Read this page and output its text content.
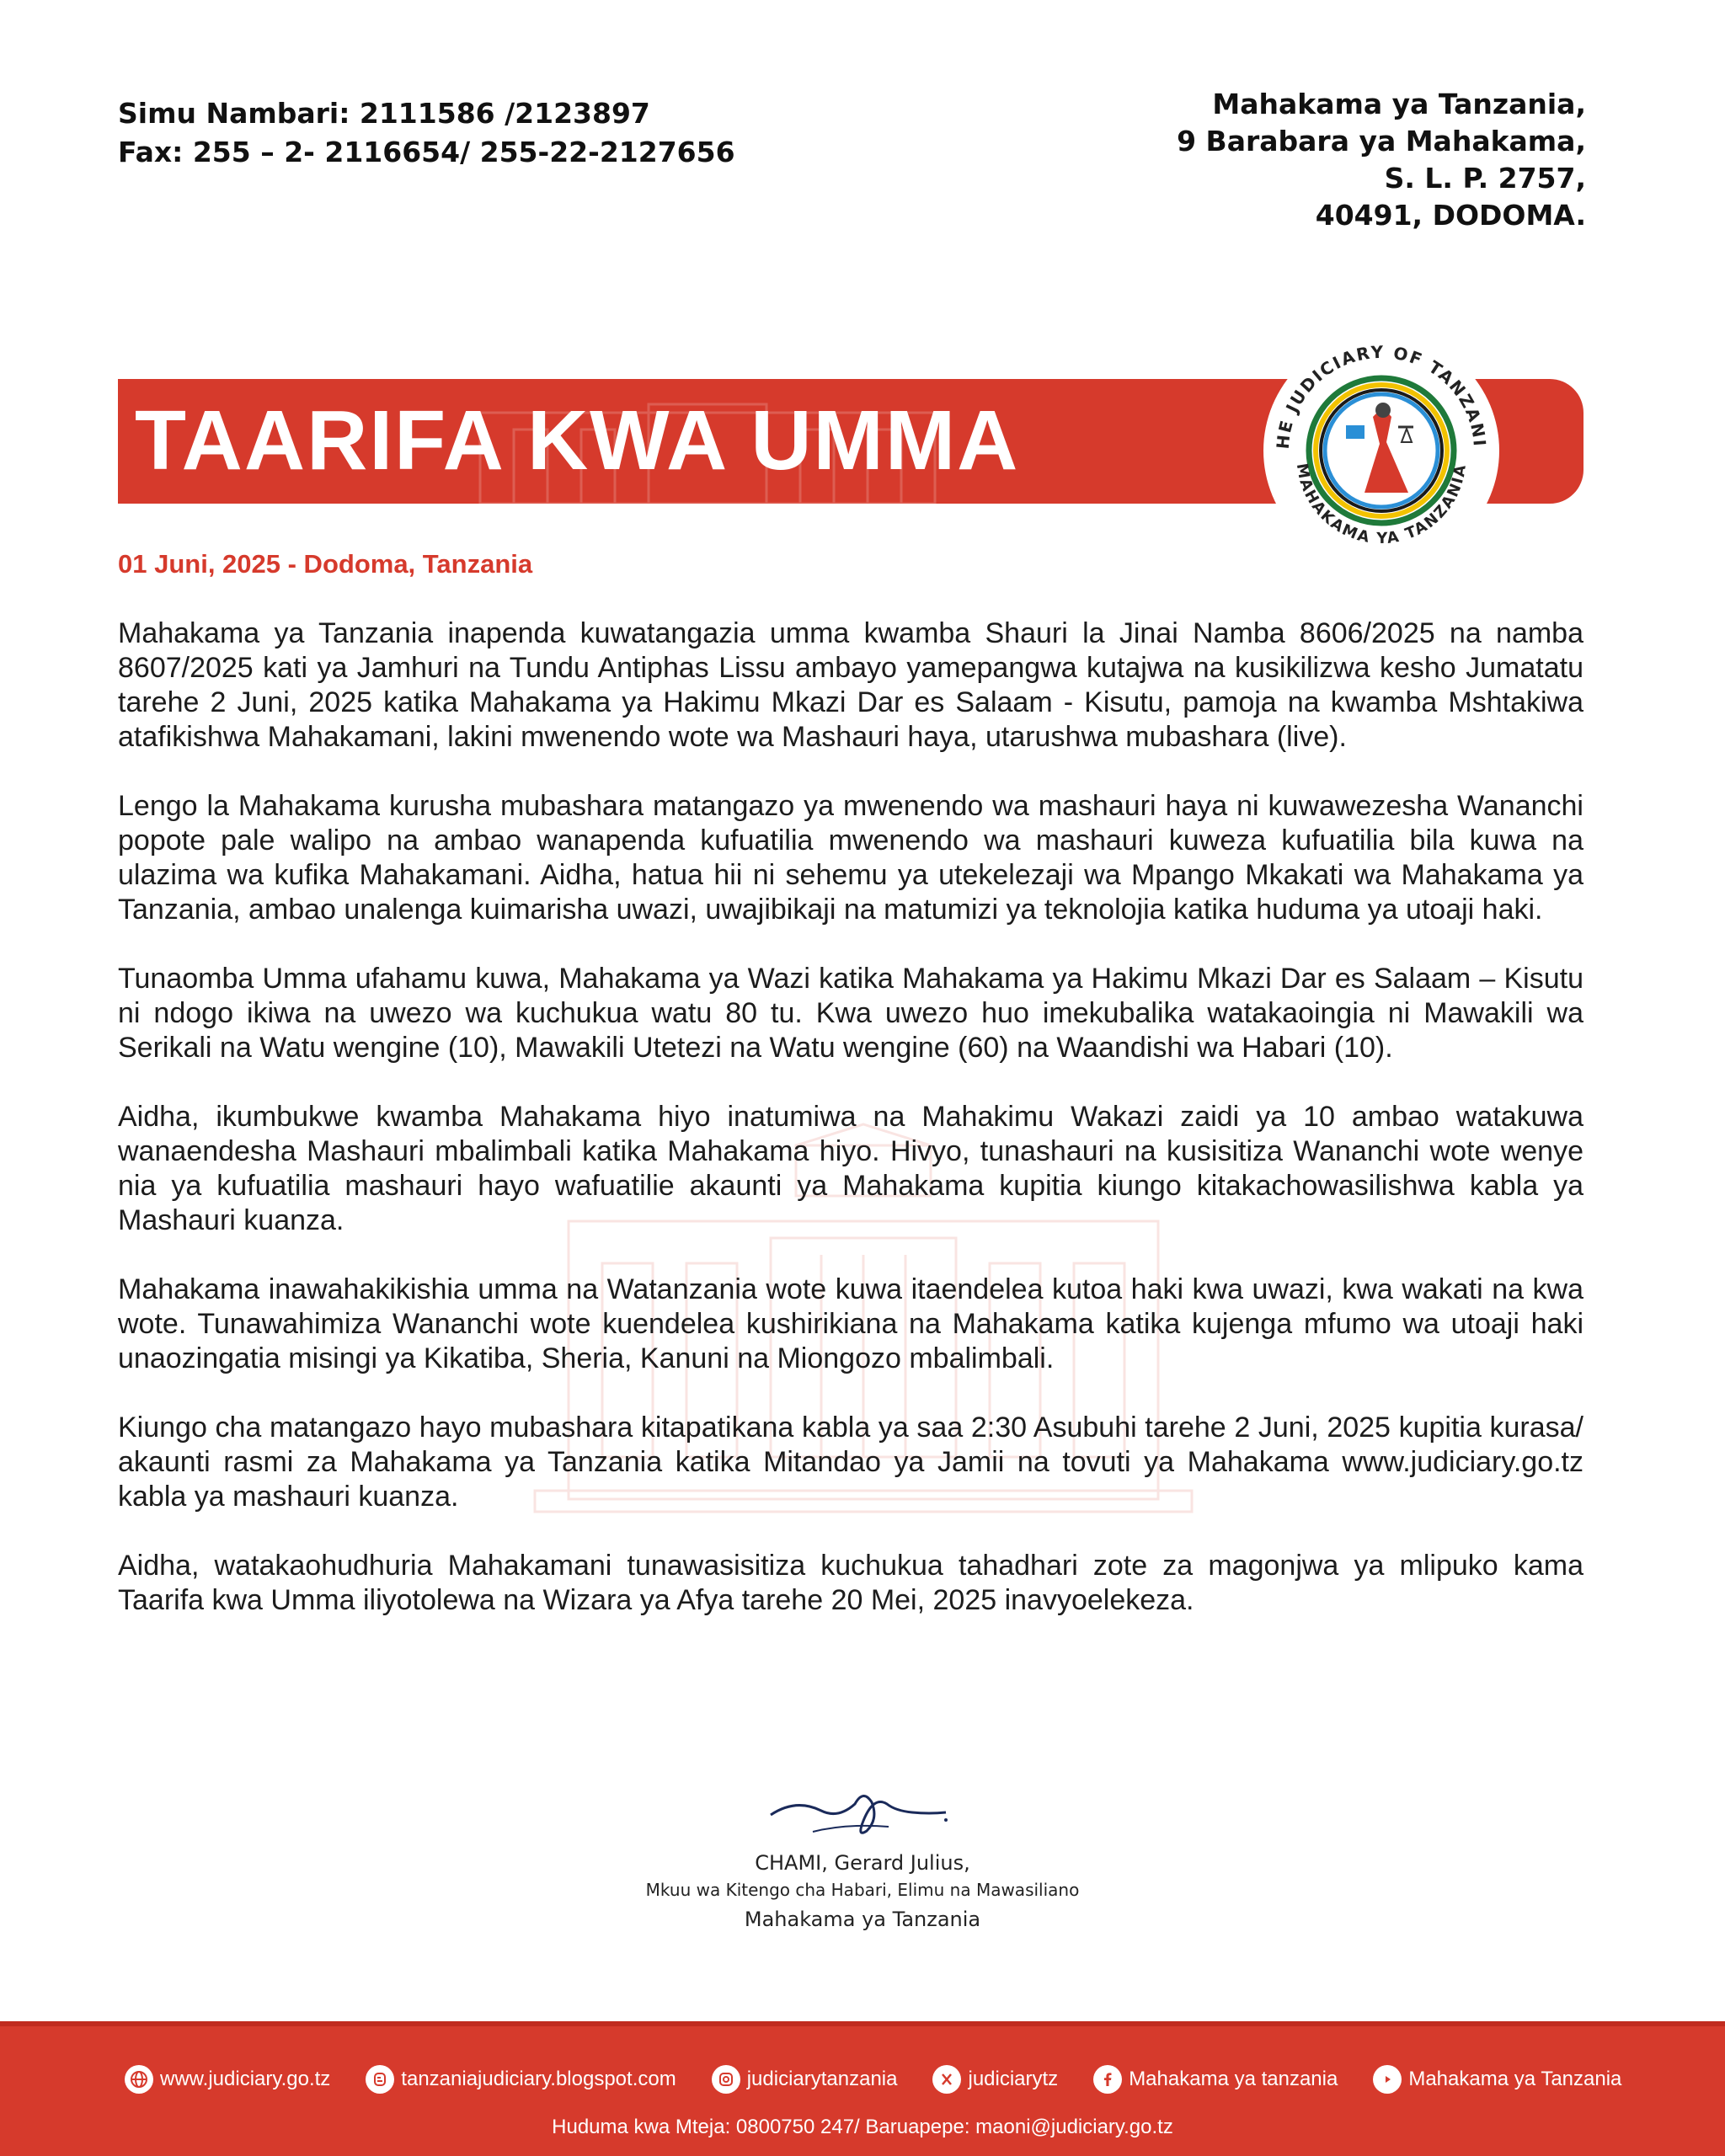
Simu Nambari: 2111586 /2123897
Fax: 255 – 2- 2116654/ 255-22-2127656
Mahakama ya Tanzania,
9 Barabara ya Mahakama,
S. L. P. 2757,
40491, DODOMA.
TAARIFA KWA UMMA	HE JUDICIARY OF TANZANI
MAHAKAMA YA TANZANIA
01 Juni, 2025 - Dodoma, Tanzania

Mahakama ya Tanzania inapenda kuwatangazia umma kwamba Shauri la Jinai Namba 8606/2025 na namba 8607/2025 kati ya Jamhuri na Tundu Antiphas Lissu ambayo yamepangwa kutajwa na kusikilizwa kesho Jumatatu tarehe 2 Juni, 2025 katika Mahakama ya Hakimu Mkazi Dar es Salaam - Kisutu, pamoja na kwamba Mshtakiwa atafikishwa Mahakamani, lakini mwenendo wote wa Mashauri haya, utarushwa mubashara (live).

Lengo la Mahakama kurusha mubashara matangazo ya mwenendo wa mashauri haya ni kuwawezesha Wananchi popote pale walipo na ambao wanapenda kufuatilia mwenendo wa mashauri kuweza kufuatilia bila kuwa na ulazima wa kufika Mahakamani. Aidha, hatua hii ni sehemu ya utekelezaji wa Mpango Mkakati wa Mahakama ya Tanzania, ambao unalenga kuimarisha uwazi, uwajibikaji na matumizi ya teknolojia katika huduma ya utoaji haki.

Tunaomba Umma ufahamu kuwa, Mahakama ya Wazi katika Mahakama ya Hakimu Mkazi Dar es Salaam – Kisutu ni ndogo ikiwa na uwezo wa kuchukua watu 80 tu. Kwa uwezo huo imekubalika watakaoingia ni Mawakili wa Serikali na Watu wengine (10), Mawakili Utetezi na Watu wengine (60) na Waandishi wa Habari (10).

Aidha, ikumbukwe kwamba Mahakama hiyo inatumiwa na Mahakimu Wakazi zaidi ya 10 ambao watakuwa wanaendesha Mashauri mbalimbali katika Mahakama hiyo. Hivyo, tunashauri na kusisitiza Wananchi wote wenye nia ya kufuatilia mashauri hayo wafuatilie akaunti ya Mahakama kupitia kiungo kitakachowasilishwa kabla ya Mashauri kuanza.

Mahakama inawahakikishia umma na Watanzania wote kuwa itaendelea kutoa haki kwa uwazi, kwa wakati na kwa wote. Tunawahimiza Wananchi wote kuendelea kushirikiana na Mahakama katika kujenga mfumo wa utoaji haki unaozingatia misingi ya Kikatiba, Sheria, Kanuni na Miongozo mbalimbali.

Kiungo cha matangazo hayo mubashara kitapatikana kabla ya saa 2:30 Asubuhi tarehe 2 Juni, 2025 kupitia kurasa/ akaunti rasmi za Mahakama ya Tanzania katika Mitandao ya Jamii na tovuti ya Mahakama www.judiciary.go.tz kabla ya mashauri kuanza.

Aidha, watakaohudhuria Mahakamani tunawasisitiza kuchukua tahadhari zote za magonjwa ya mlipuko kama Taarifa kwa Umma iliyotolewa na Wizara ya Afya tarehe 20 Mei, 2025 inavyoelekeza.

CHAMI, Gerard Julius,
Mkuu wa Kitengo cha Habari, Elimu na Mawasiliano
Mahakama ya Tanzania
www.judiciary.go.tz	tanzaniajudiciary.blogspot.com	judiciarytanzania	judiciarytz	Mahakama ya tanzania	Mahakama ya Tanzania
Huduma kwa Mteja: 0800750 247/ Baruapepe: maoni@judiciary.go.tz
